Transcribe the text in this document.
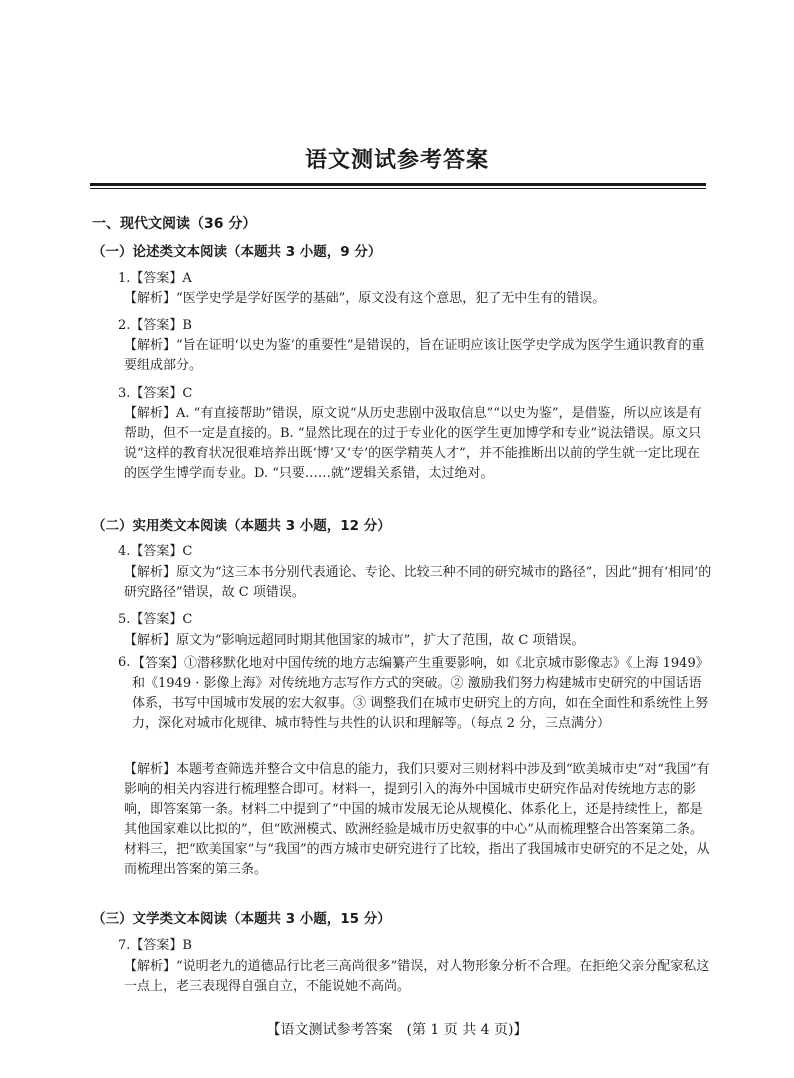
语文测试参考答案
一、现代文阅读（36 分）
（一）论述类文本阅读（本题共 3 小题，9 分）
1.【答案】A
【解析】“医学史学是学好医学的基础”，原文没有这个意思，犯了无中生有的错误。
2.【答案】B
【解析】“旨在证明‘以史为鉴’的重要性”是错误的，旨在证明应该让医学史学成为医学生通识教育的重要组成部分。
3.【答案】C
【解析】A. “有直接帮助”错误，原文说“从历史悲剧中汲取信息”“以史为鉴”，是借鉴，所以应该是有帮助，但不一定是直接的。B. “显然比现在的过于专业化的医学生更加博学和专业”说法错误。原文只说“这样的教育状况很难培养出既‘博’又‘专’的医学精英人才”，并不能推断出以前的学生就一定比现在的医学生博学而专业。D. “只要……就”逻辑关系错，太过绝对。
（二）实用类文本阅读（本题共 3 小题，12 分）
4.【答案】C
【解析】原文为“这三本书分别代表通论、专论、比较三种不同的研究城市的路径”，因此“拥有‘相同’的研究路径”错误，故 C 项错误。
5.【答案】C
【解析】原文为“影响远超同时期其他国家的城市”，扩大了范围，故 C 项错误。
6. 【答案】①潜移默化地对中国传统的地方志编纂产生重要影响，如《北京城市影像志》《上海 1949》和《1949 · 影像上海》对传统地方志写作方式的突破。② 激励我们努力构建城市史研究的中国话语体系，书写中国城市发展的宏大叙事。③ 调整我们在城市史研究上的方向，如在全面性和系统性上努力，深化对城市化规律、城市特性与共性的认识和理解等。（每点 2 分，三点满分）
【解析】本题考查筛选并整合文中信息的能力，我们只要对三则材料中涉及到“欧美城市史”对“我国”有影响的相关内容进行梳理整合即可。材料一，提到引入的海外中国城市史研究作品对传统地方志的影响，即答案第一条。材料二中提到了“中国的城市发展无论从规模化、体系化上，还是持续性上，都是其他国家难以比拟的”，但“欧洲模式、欧洲经验是城市历史叙事的中心”从而梳理整合出答案第二条。材料三，把“欧美国家”与“我国”的西方城市史研究进行了比较，指出了我国城市史研究的不足之处，从而梳理出答案的第三条。
（三）文学类文本阅读（本题共 3 小题，15 分）
7.【答案】B
【解析】“说明老九的道德品行比老三高尚很多”错误，对人物形象分析不合理。在拒绝父亲分配家私这一点上，老三表现得自强自立，不能说她不高尚。
【语文测试参考答案　(第 1 页 共 4 页)】
